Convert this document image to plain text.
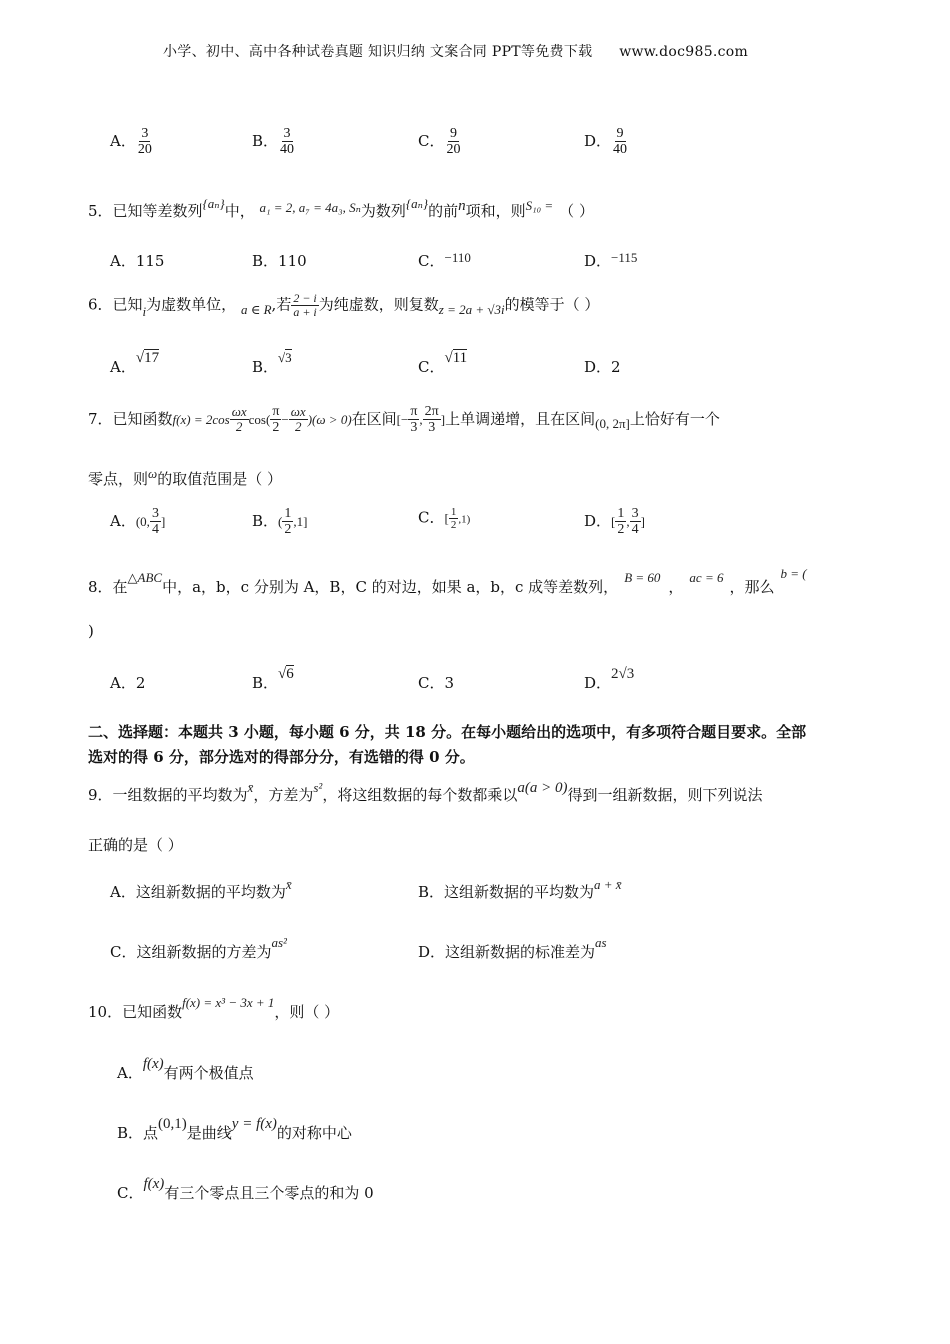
小学、初中、高中各种试卷真题 知识归纳 文案合同 PPT等免费下载 www.doc985.com
A． $\frac{3}{20}$	B． $\frac{3}{40}$	C． $\frac{9}{20}$	D． $\frac{9}{40}$
5．已知等差数列{aₙ}中， a₁ = 2, a₇ = 4a₃, Sₙ为数列{aₙ}的前n项和，则S₁₀ = （ ）
A．115	B．110	C．−110	D．−115
6．已知i为虚数单位， a ∈ R,若 $\frac{2 - i}{a + i}$ 为纯虚数，则复数z = 2a + √3i的模等于（ ）
A．√17	B．√3
C．√11	D．2
7．已知函数$f(x) = 2\cos \frac{\omega x}{2} \cos( \frac{\pi}{2} - \frac{\omega x}{2} )(\omega > 0)$在区间[− $\frac{\pi}{3}$ , $\frac{2\pi}{3}$ ]上单调递增，且在区间(0, 2π]上恰好有一个
零点，则ω的取值范围是（ ）
A．(0, $\frac{3}{4}$ ]	B．( $\frac{1}{2} ,1$]	C．[ $\frac{1}{2} ,1$)	D．[ $\frac{1}{2}$ , $\frac{3}{4}$ ]
8．在△ABC中，a，b，c 分别为 A，B，C 的对边，如果 a，b，c 成等差数列，B = 60，ac = 6，那么b = (
)
A．2	B．√6	C．3	D．2√3
二、选择题：本题共 3 小题，每小题 6 分，共 18 分。在每小题给出的选项中，有多项符合题目要求。全部
选对的得 6 分，部分选对的得部分分，有选错的得 0 分。
9．一组数据的平均数为x̄，方差为s²，将这组数据的每个数都乘以a(a > 0)得到一组新数据，则下列说法
正确的是（ ）
A．这组新数据的平均数为x̄	B．这组新数据的平均数为a + x̄
C．这组新数据的方差为as²
D．这组新数据的标准差为as
10．已知函数f(x) = x³ − 3x + 1，则（ ）
A．f(x)有两个极值点
B．点(0,1)是曲线y = f(x)的对称中心
C．f(x)有三个零点且三个零点的和为 0
